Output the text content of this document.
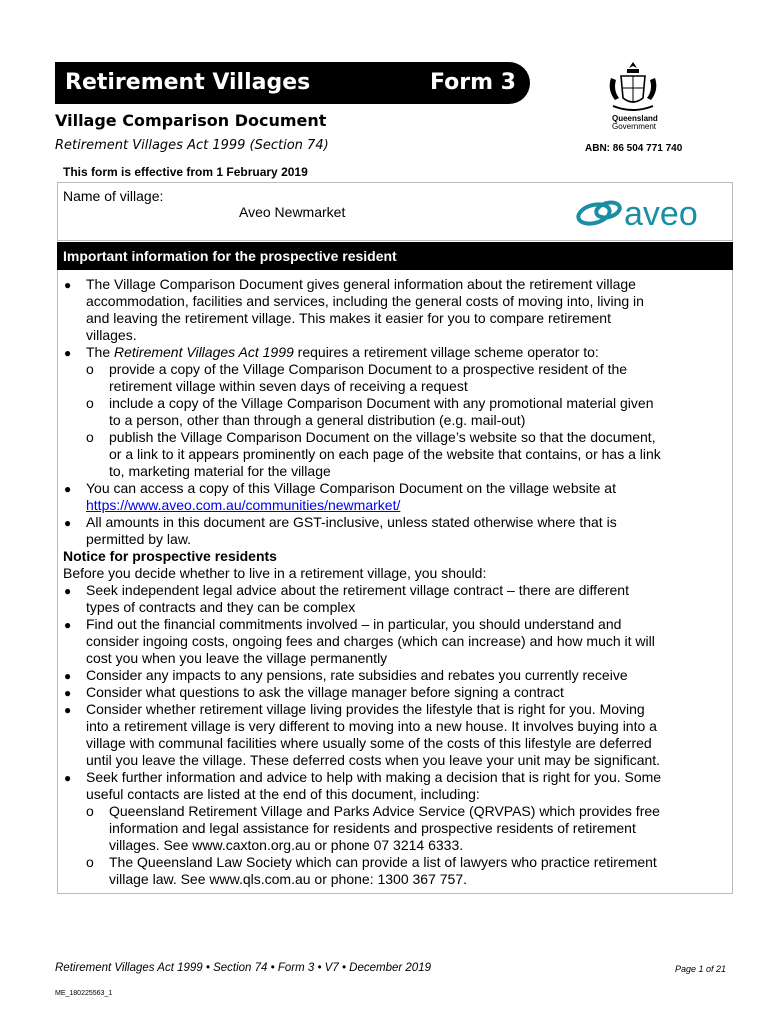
Retirement Villages	Form 3
Village Comparison Document
Retirement Villages Act 1999 (Section 74)
Queensland
Government
ABN: 86 504 771 740
This form is effective from 1 February 2019
Name of village:
Aveo Newmarket	aveo
Important information for the prospective resident
● The Village Comparison Document gives general information about the retirement village
accommodation, facilities and services, including the general costs of moving into, living in
and leaving the retirement village. This makes it easier for you to compare retirement
villages.
● The Retirement Villages Act 1999 requires a retirement village scheme operator to:
o provide a copy of the Village Comparison Document to a prospective resident of the
retirement village within seven days of receiving a request
o include a copy of the Village Comparison Document with any promotional material given
to a person, other than through a general distribution (e.g. mail-out)
o publish the Village Comparison Document on the village’s website so that the document,
or a link to it appears prominently on each page of the website that contains, or has a link
to, marketing material for the village
● You can access a copy of this Village Comparison Document on the village website at
https://www.aveo.com.au/communities/newmarket/
● All amounts in this document are GST-inclusive, unless stated otherwise where that is
permitted by law.
Notice for prospective residents
Before you decide whether to live in a retirement village, you should:
● Seek independent legal advice about the retirement village contract – there are different
types of contracts and they can be complex
● Find out the financial commitments involved – in particular, you should understand and
consider ingoing costs, ongoing fees and charges (which can increase) and how much it will
cost you when you leave the village permanently
● Consider any impacts to any pensions, rate subsidies and rebates you currently receive
● Consider what questions to ask the village manager before signing a contract
● Consider whether retirement village living provides the lifestyle that is right for you. Moving
into a retirement village is very different to moving into a new house. It involves buying into a
village with communal facilities where usually some of the costs of this lifestyle are deferred
until you leave the village. These deferred costs when you leave your unit may be significant.
● Seek further information and advice to help with making a decision that is right for you. Some
useful contacts are listed at the end of this document, including:
o Queensland Retirement Village and Parks Advice Service (QRVPAS) which provides free
information and legal assistance for residents and prospective residents of retirement
villages. See www.caxton.org.au or phone 07 3214 6333.
o The Queensland Law Society which can provide a list of lawyers who practice retirement
village law. See www.qls.com.au or phone: 1300 367 757.
Retirement Villages Act 1999 • Section 74 • Form 3 • V7 • December 2019	Page 1 of 21
ME_180225563_1
